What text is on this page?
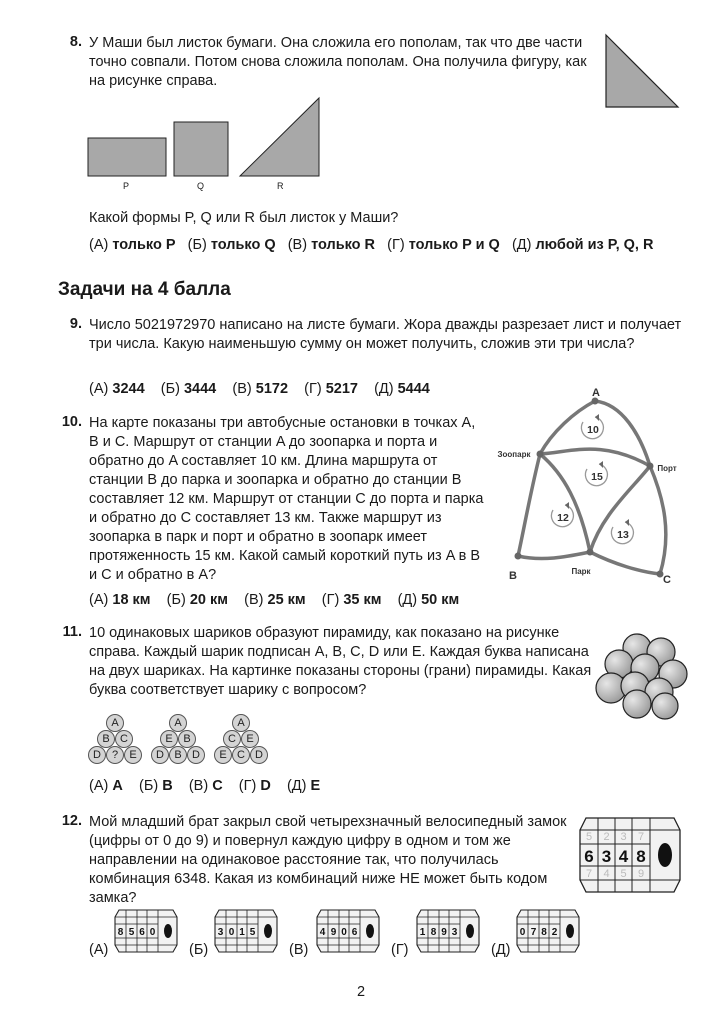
8. У Маши был листок бумаги. Она сложила его пополам, так что две части точно совпали. Потом снова сложила пополам. Она получила фигуру, как на рисунке справа.
P	Q	R
Какой формы P, Q или R был листок у Маши?
(А) только P (Б) только Q (В) только R (Г) только P и Q (Д) любой из P, Q, R
Задачи на 4 балла
9. Число 5021972970 написано на листе бумаги. Жора дважды разрезает лист и получает три числа. Какую наименьшую сумму он может получить, сложив эти три числа?
(А) 3244 (Б) 3444 (В) 5172 (Г) 5217 (Д) 5444
10. На карте показаны три автобусные остановки в точках A, B и C. Маршрут от станции A до зоопарка и порта и обратно до A составляет 10 км. Длина маршрута от станции B до парка и зоопарка и обратно до станции B составляет 12 км. Маршрут от станции C до порта и парка и обратно до C составляет 13 км. Также маршрут из зоопарка в парк и порт и обратно в зоопарк имеет протяженность 15 км. Какой самый короткий путь из A в B и C и обратно в A?
10
15
12
13
A
B	C
Зоопарк
Порт
Парк
(А) 18 км (Б) 20 км (В) 25 км (Г) 35 км (Д) 50 км
11. 10 одинаковых шариков образуют пирамиду, как показано на рисунке справа. Каждый шарик подписан A, B, C, D или E. Каждая буква написана на двух шариках. На картинке показаны стороны (грани) пирамиды. Какая буква соответствует шарику с вопросом?
A
B C
D ? E
A
E B
D B D
A
C E
E C D
(А) A (Б) B (В) C (Г) D (Д) E
12. Мой младший брат закрыл свой четырехзначный велосипедный замок (цифры от 0 до 9) и повернул каждую цифру в одном и том же направлении на одинаковое расстояние так, что получилась комбинация 6348. Какая из комбинаций ниже НЕ может быть кодом замка?
5 2 3 7
6 3 4 8
7 4 5 9
(А)
8 5 6 0
(Б)
3 0 1 5
(В)
4 9 0 6
(Г)
1 8 9 3
(Д)
0 7 8 2
2
